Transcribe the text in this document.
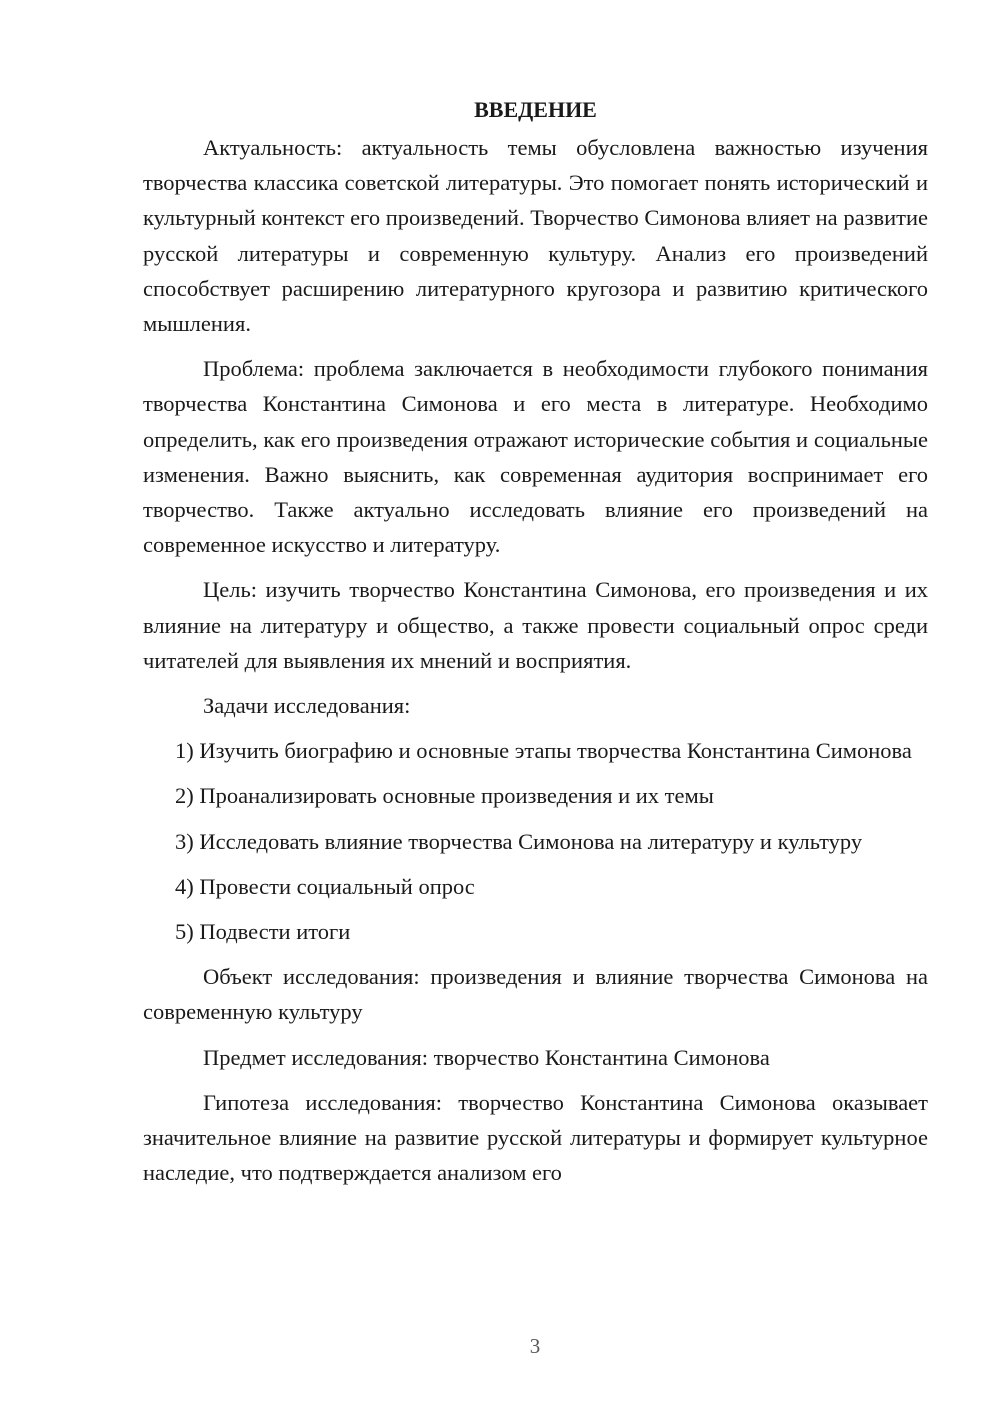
ВВЕДЕНИЕ

Актуальность: актуальность темы обусловлена важностью изучения творчества классика советской литературы. Это помогает понять исторический и культурный контекст его произведений. Творчество Симонова влияет на развитие русской литературы и современную культуру. Анализ его произведений способствует расширению литературного кругозора и развитию критического мышления.

Проблема: проблема заключается в необходимости глубокого понимания творчества Константина Симонова и его места в литературе. Необходимо определить, как его произведения отражают исторические события и социальные изменения. Важно выяснить, как современная аудитория воспринимает его творчество. Также актуально исследовать влияние его произведений на современное искусство и литературу.

Цель: изучить творчество Константина Симонова, его произведения и их влияние на литературу и общество, а также провести социальный опрос среди читателей для выявления их мнений и восприятия.

Задачи исследования:

1) Изучить биографию и основные этапы творчества Константина Симонова

2) Проанализировать основные произведения и их темы

3) Исследовать влияние творчества Симонова на литературу и культуру

4) Провести социальный опрос

5) Подвести итоги

Объект исследования: произведения и влияние творчества Симонова на современную культуру

Предмет исследования: творчество Константина Симонова

Гипотеза исследования: творчество Константина Симонова оказывает значительное влияние на развитие русской литературы и формирует культурное наследие, что подтверждается анализом его

3
